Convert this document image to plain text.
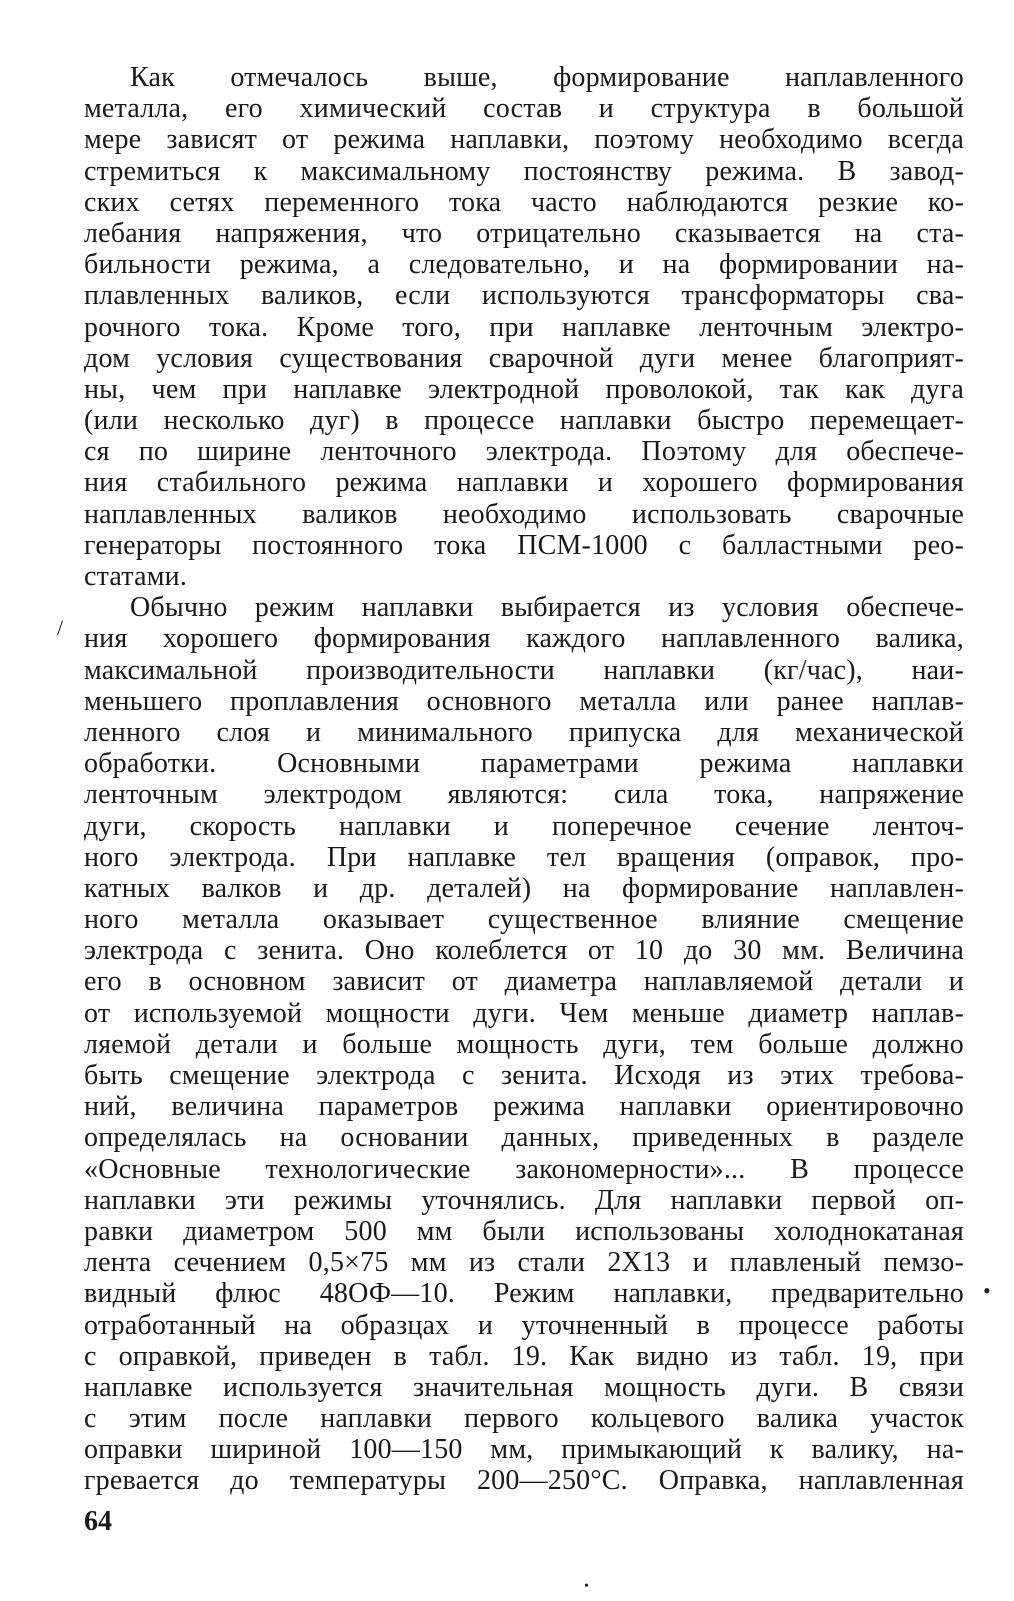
Как отмечалось выше, формирование наплавленного
металла, его химический состав и структура в большой
мере зависят от режима наплавки, поэтому необходимо всегда
стремиться к максимальному постоянству режима. В завод-
ских сетях переменного тока часто наблюдаются резкие ко-
лебания напряжения, что отрицательно сказывается на ста-
бильности режима, а следовательно, и на формировании на-
плавленных валиков, если используются трансформаторы сва-
рочного тока. Кроме того, при наплавке ленточным электро-
дом условия существования сварочной дуги менее благоприят-
ны, чем при наплавке электродной проволокой, так как дуга
(или несколько дуг) в процессе наплавки быстро перемещает-
ся по ширине ленточного электрода. Поэтому для обеспече-
ния стабильного режима наплавки и хорошего формирования
наплавленных валиков необходимо использовать сварочные
генераторы постоянного тока ПСМ-1000 с балластными рео-
статами.
Обычно режим наплавки выбирается из условия обеспече-
ния хорошего формирования каждого наплавленного валика,
максимальной производительности наплавки (кг/час), наи-
меньшего проплавления основного металла или ранее наплав-
ленного слоя и минимального припуска для механической
обработки. Основными параметрами режима наплавки
ленточным электродом являются: сила тока, напряжение
дуги, скорость наплавки и поперечное сечение ленточ-
ного электрода. При наплавке тел вращения (оправок, про-
катных валков и др. деталей) на формирование наплавлен-
ного металла оказывает существенное влияние смещение
электрода с зенита. Оно колеблется от 10 до 30 мм. Величина
его в основном зависит от диаметра наплавляемой детали и
от используемой мощности дуги. Чем меньше диаметр наплав-
ляемой детали и больше мощность дуги, тем больше должно
быть смещение электрода с зенита. Исходя из этих требова-
ний, величина параметров режима наплавки ориентировочно
определялась на основании данных, приведенных в разделе
«Основные технологические закономерности»... В процессе
наплавки эти режимы уточнялись. Для наплавки первой оп-
равки диаметром 500 мм были использованы холоднокатаная
лента сечением 0,5×75 мм из стали 2Х13 и плавленый пемзо-
видный флюс 48ОФ—10. Режим наплавки, предварительно
отработанный на образцах и уточненный в процессе работы
с оправкой, приведен в табл. 19. Как видно из табл. 19, при
наплавке используется значительная мощность дуги. В связи
с этим после наплавки первого кольцевого валика участок
оправки шириной 100—150 мм, примыкающий к валику, на-
гревается до температуры 200—250°С. Оправка, наплавленная
/
•
•
64
